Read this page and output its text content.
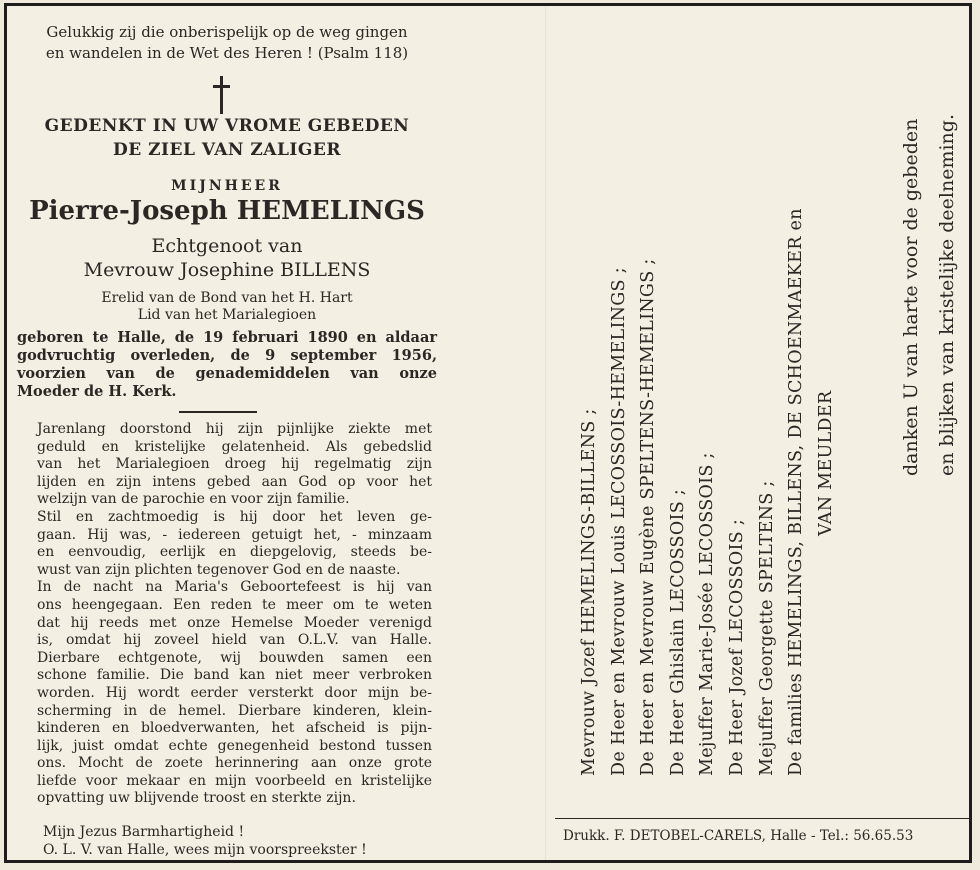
Gelukkig zij die onberispelijk op de weg gingen
en wandelen in de Wet des Heren ! (Psalm 118)
GEDENKT IN UW VROME GEBEDEN
DE ZIEL VAN ZALIGER
MIJNHEER
Pierre-Joseph HEMELINGS
Echtgenoot van
Mevrouw Josephine BILLENS
Erelid van de Bond van het H. Hart
Lid van het Marialegioen
geboren te Halle, de 19 februari 1890 en aldaar
godvruchtig overleden, de 9 september 1956,
voorzien van de genademiddelen van onze
Moeder de H. Kerk.
Jarenlang doorstond hij zijn pijnlijke ziekte met
geduld en kristelijke gelatenheid. Als gebedslid
van het Marialegioen droeg hij regelmatig zijn
lijden en zijn intens gebed aan God op voor het
welzijn van de parochie en voor zijn familie.
Stil en zachtmoedig is hij door het leven ge-
gaan. Hij was, - iedereen getuigt het, - minzaam
en eenvoudig, eerlijk en diepgelovig, steeds be-
wust van zijn plichten tegenover God en de naaste.
In de nacht na Maria's Geboortefeest is hij van
ons heengegaan. Een reden te meer om te weten
dat hij reeds met onze Hemelse Moeder verenigd
is, omdat hij zoveel hield van O.L.V. van Halle.
Dierbare echtgenote, wij bouwden samen een
schone familie. Die band kan niet meer verbroken
worden. Hij wordt eerder versterkt door mijn be-
scherming in de hemel. Dierbare kinderen, klein-
kinderen en bloedverwanten, het afscheid is pijn-
lijk, juist omdat echte genegenheid bestond tussen
ons. Mocht de zoete herinnering aan onze grote
liefde voor mekaar en mijn voorbeeld en kristelijke
opvatting uw blijvende troost en sterkte zijn.
Mijn Jezus Barmhartigheid !
O. L. V. van Halle, wees mijn voorspreekster !
Mevrouw Jozef HEMELINGS-BILLENS ; De Heer en Mevrouw Louis LECOSSOIS-HEMELINGS ; De Heer en Mevrouw Eugène SPELTENS-HEMELINGS ; De Heer Ghislain LECOSSOIS ; Mejuffer Marie-Josée LECOSSOIS ; De Heer Jozef LECOSSOIS ; Mejuffer Georgette SPELTENS ; De families HEMELINGS, BILLENS, DE SCHOENMAEKER en VAN MEULDER	danken U van harte voor de gebeden en blijken van kristelijke deelneming.
Drukk. F. DETOBEL-CARELS, Halle - Tel.: 56.65.53
